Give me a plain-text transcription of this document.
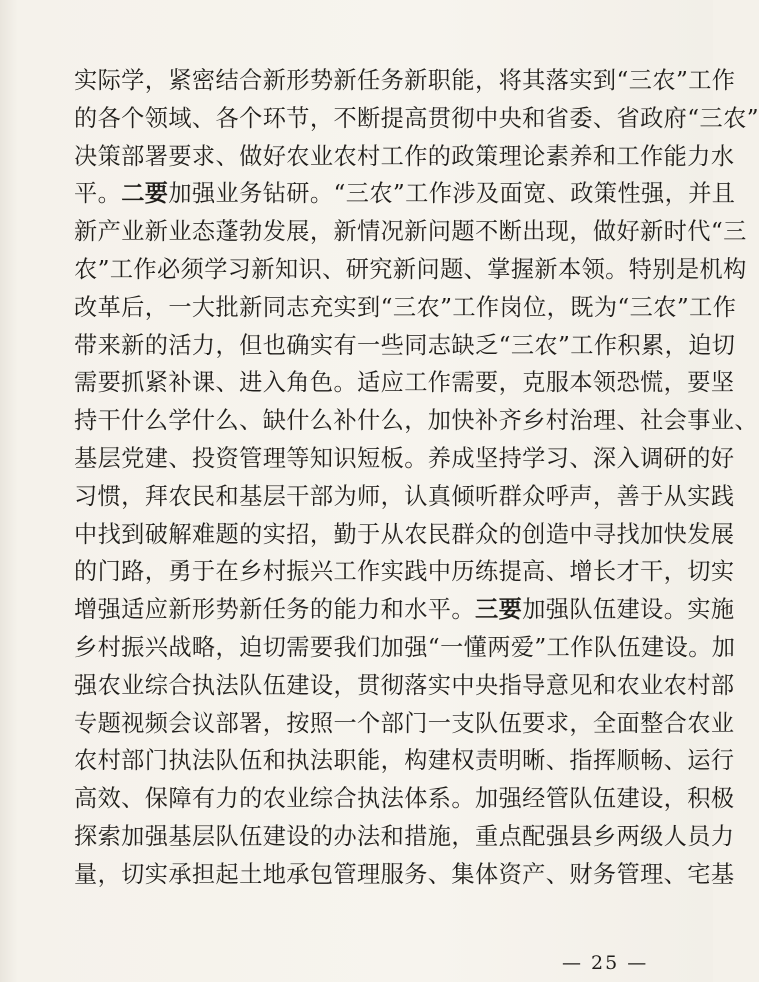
实际学，紧密结合新形势新任务新职能，将其落实到“三农”工作
的各个领域、各个环节，不断提高贯彻中央和省委、省政府“三农”
决策部署要求、做好农业农村工作的政策理论素养和工作能力水
平。二要加强业务钻研。“三农”工作涉及面宽、政策性强，并且
新产业新业态蓬勃发展，新情况新问题不断出现，做好新时代“三
农”工作必须学习新知识、研究新问题、掌握新本领。特别是机构
改革后，一大批新同志充实到“三农”工作岗位，既为“三农”工作
带来新的活力，但也确实有一些同志缺乏“三农”工作积累，迫切
需要抓紧补课、进入角色。适应工作需要，克服本领恐慌，要坚
持干什么学什么、缺什么补什么，加快补齐乡村治理、社会事业、
基层党建、投资管理等知识短板。养成坚持学习、深入调研的好
习惯，拜农民和基层干部为师，认真倾听群众呼声，善于从实践
中找到破解难题的实招，勤于从农民群众的创造中寻找加快发展
的门路，勇于在乡村振兴工作实践中历练提高、增长才干，切实
增强适应新形势新任务的能力和水平。三要加强队伍建设。实施
乡村振兴战略，迫切需要我们加强“一懂两爱”工作队伍建设。加
强农业综合执法队伍建设，贯彻落实中央指导意见和农业农村部
专题视频会议部署，按照一个部门一支队伍要求，全面整合农业
农村部门执法队伍和执法职能，构建权责明晰、指挥顺畅、运行
高效、保障有力的农业综合执法体系。加强经管队伍建设，积极
探索加强基层队伍建设的办法和措施，重点配强县乡两级人员力
量，切实承担起土地承包管理服务、集体资产、财务管理、宅基
— 25 —
